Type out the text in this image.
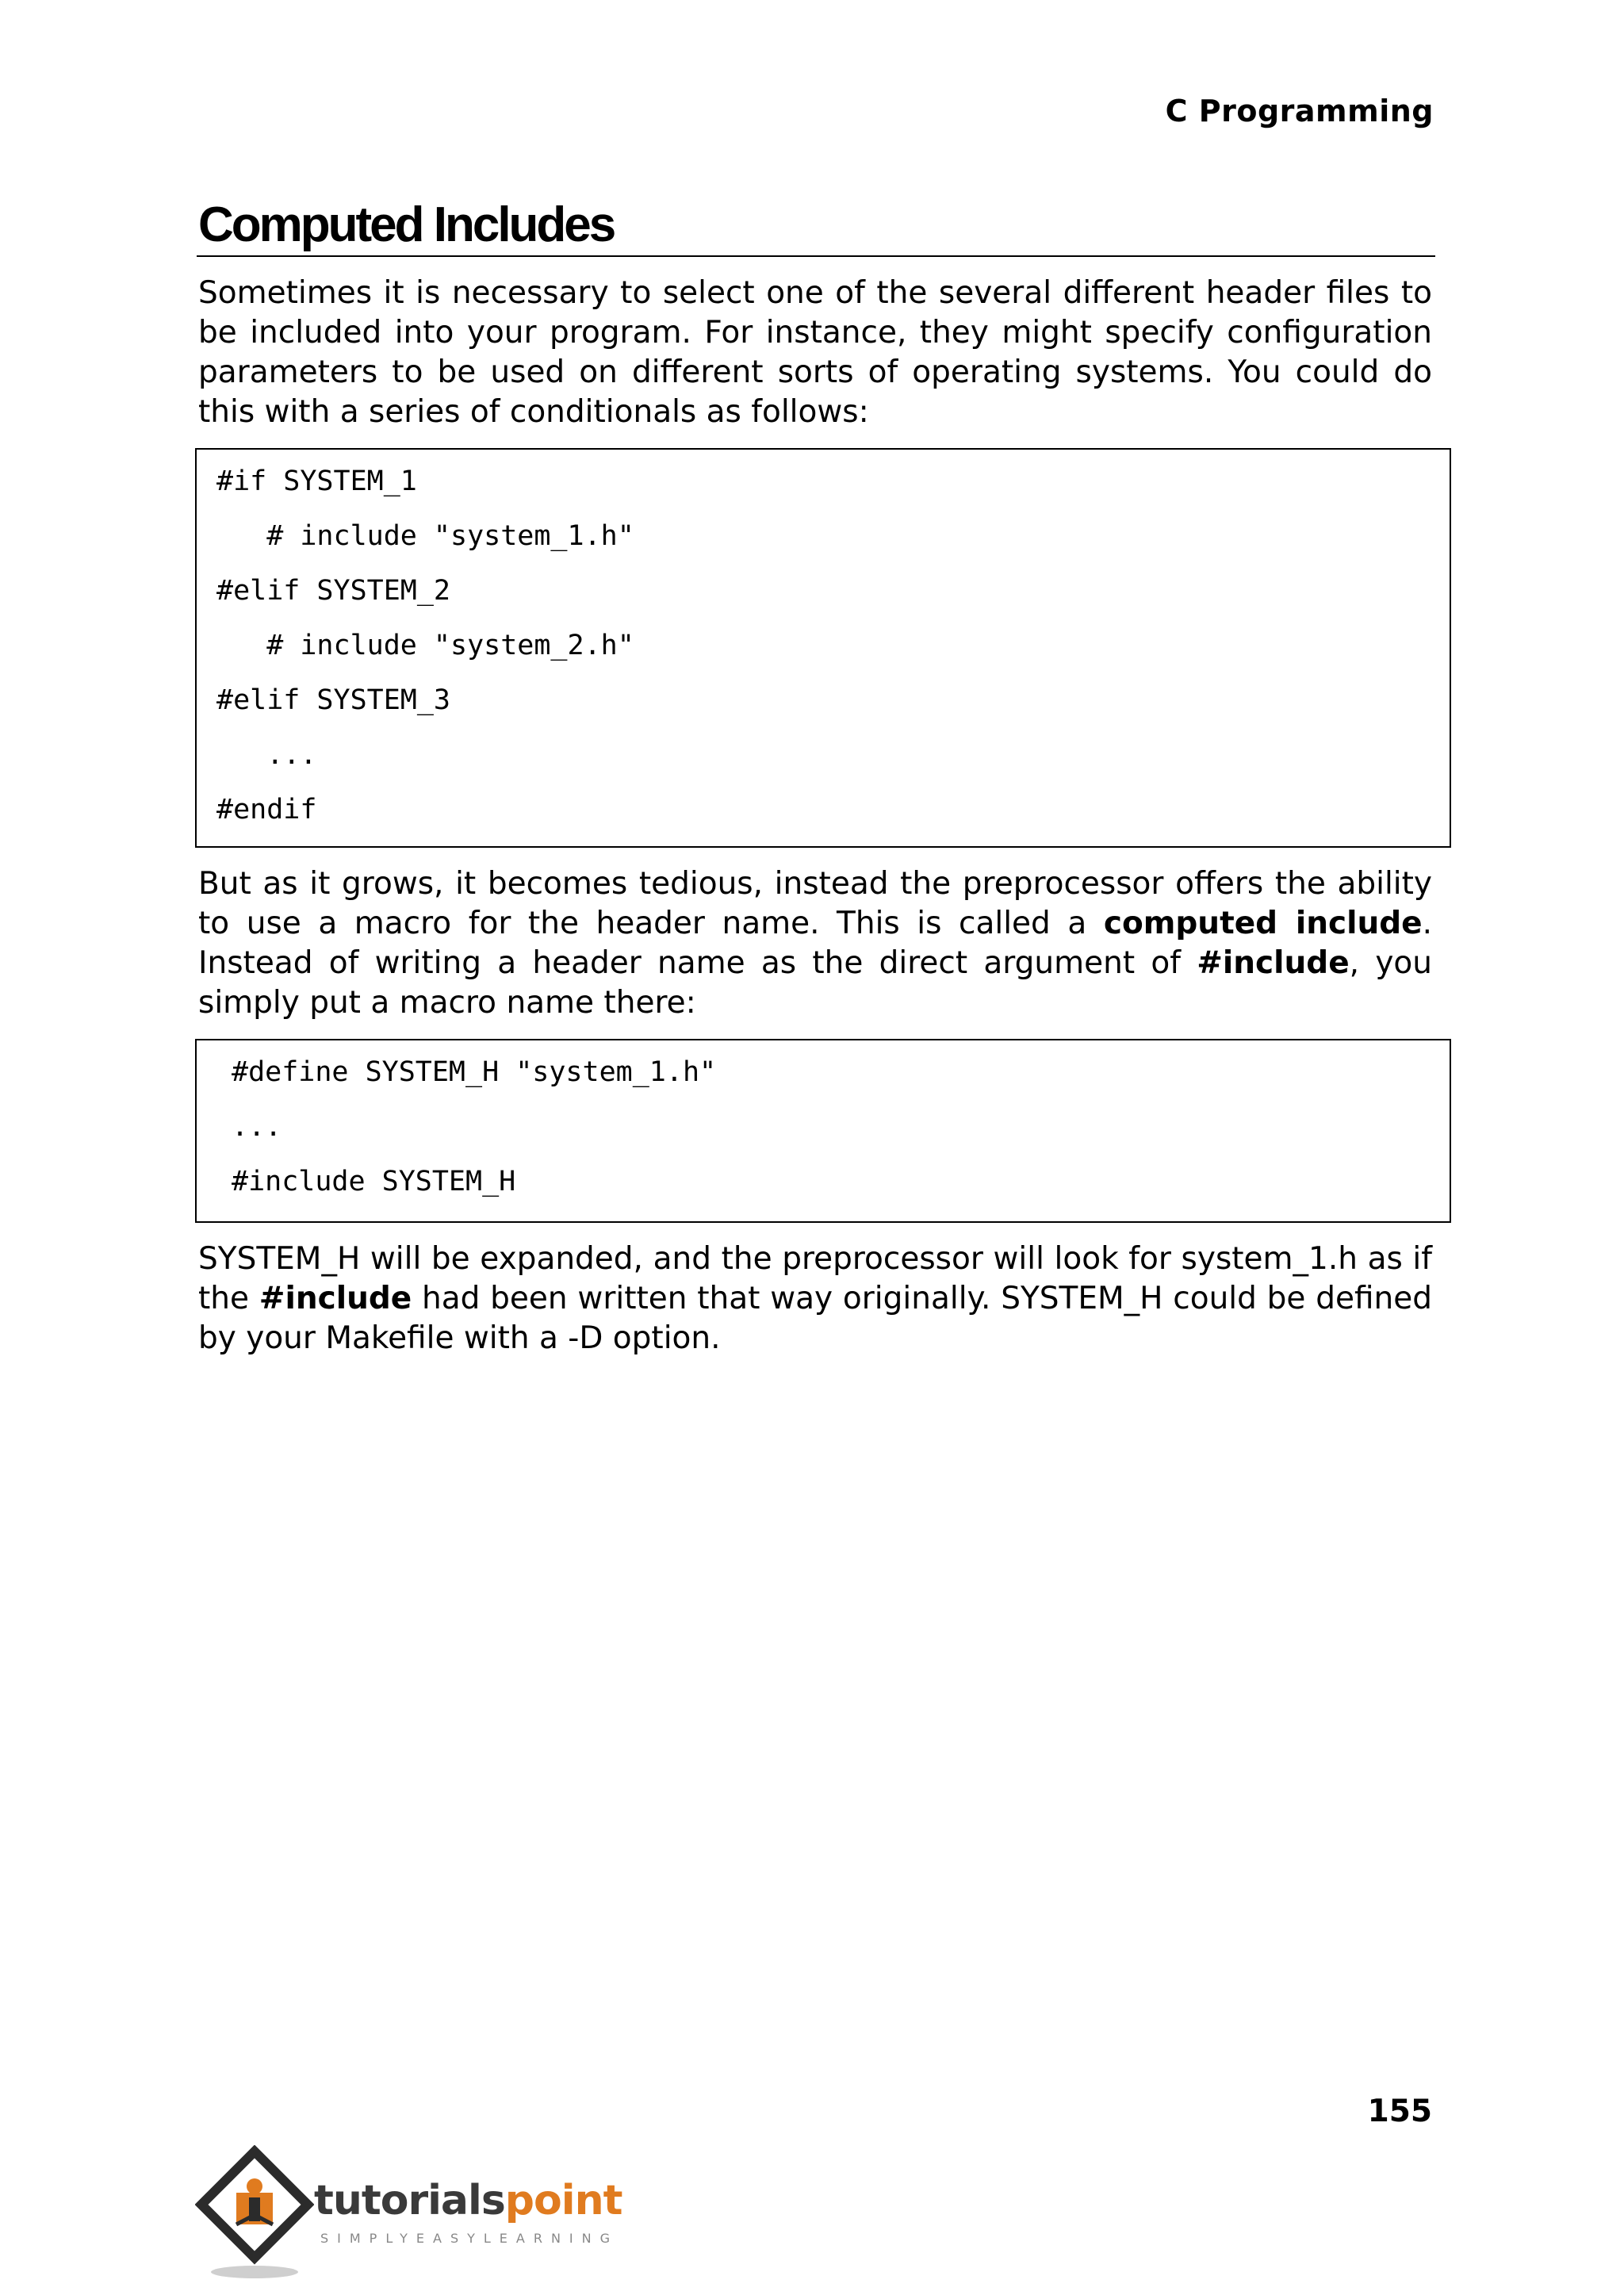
C Programming
Computed Includes

Sometimes it is necessary to select one of the several different header files to be included into your program. For instance, they might specify configuration parameters to be used on different sorts of operating systems. You could do this with a series of conditionals as follows:

#if SYSTEM_1
# include "system_1.h"
#elif SYSTEM_2
# include "system_2.h"
#elif SYSTEM_3
...
#endif

But as it grows, it becomes tedious, instead the preprocessor offers the ability to use a macro for the header name. This is called a computed include. Instead of writing a header name as the direct argument of #include, you simply put a macro name there:

#define SYSTEM_H "system_1.h"
...
#include SYSTEM_H

SYSTEM_H will be expanded, and the preprocessor will look for system_1.h as if the #include had been written that way originally. SYSTEM_H could be defined by your Makefile with a -D option.

155
tutorialspoint
SIMPLYEASYLEARNING
